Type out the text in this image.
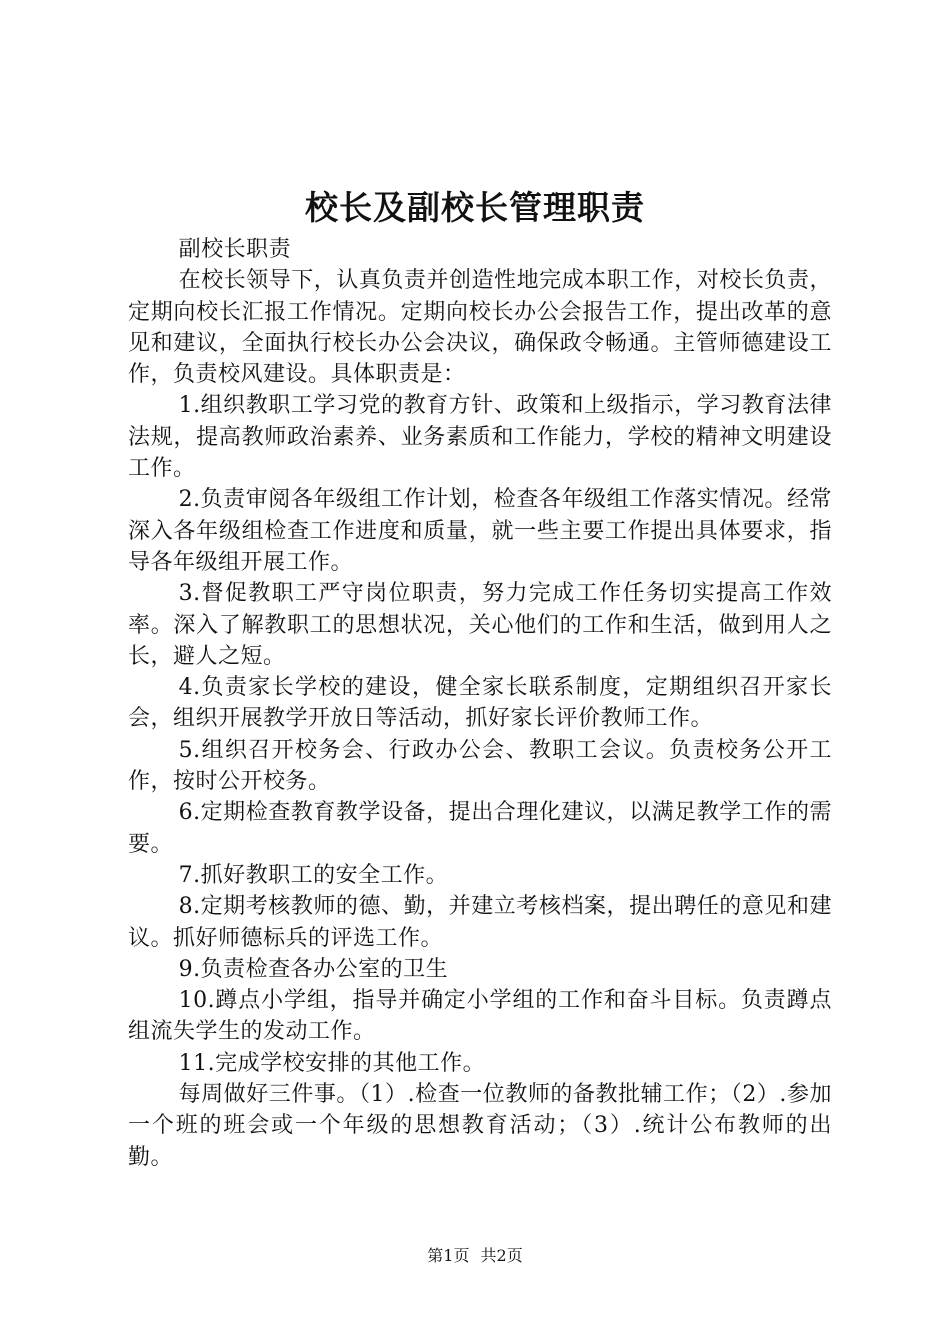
校长及副校长管理职责

副校长职责

在校长领导下，认真负责并创造性地完成本职工作，对校长负责，定期向校长汇报工作情况。定期向校长办公会报告工作，提出改革的意见和建议，全面执行校长办公会决议，确保政令畅通。主管师德建设工作，负责校风建设。具体职责是：

1.组织教职工学习党的教育方针、政策和上级指示，学习教育法律法规，提高教师政治素养、业务素质和工作能力，学校的精神文明建设工作。

2.负责审阅各年级组工作计划，检查各年级组工作落实情况。经常深入各年级组检查工作进度和质量，就一些主要工作提出具体要求，指导各年级组开展工作。

3.督促教职工严守岗位职责，努力完成工作任务切实提高工作效率。深入了解教职工的思想状况，关心他们的工作和生活，做到用人之长，避人之短。

4.负责家长学校的建设，健全家长联系制度，定期组织召开家长会，组织开展教学开放日等活动，抓好家长评价教师工作。

5.组织召开校务会、行政办公会、教职工会议。负责校务公开工作，按时公开校务。

6.定期检查教育教学设备，提出合理化建议，以满足教学工作的需要。

7.抓好教职工的安全工作。

8.定期考核教师的德、勤，并建立考核档案，提出聘任的意见和建议。抓好师德标兵的评选工作。

9.负责检查各办公室的卫生

10.蹲点小学组，指导并确定小学组的工作和奋斗目标。负责蹲点组流失学生的发动工作。

11.完成学校安排的其他工作。

每周做好三件事。（1）.检查一位教师的备教批辅工作；（2）.参加一个班的班会或一个年级的思想教育活动；（3）.统计公布教师的出勤。

第1页 共2页
